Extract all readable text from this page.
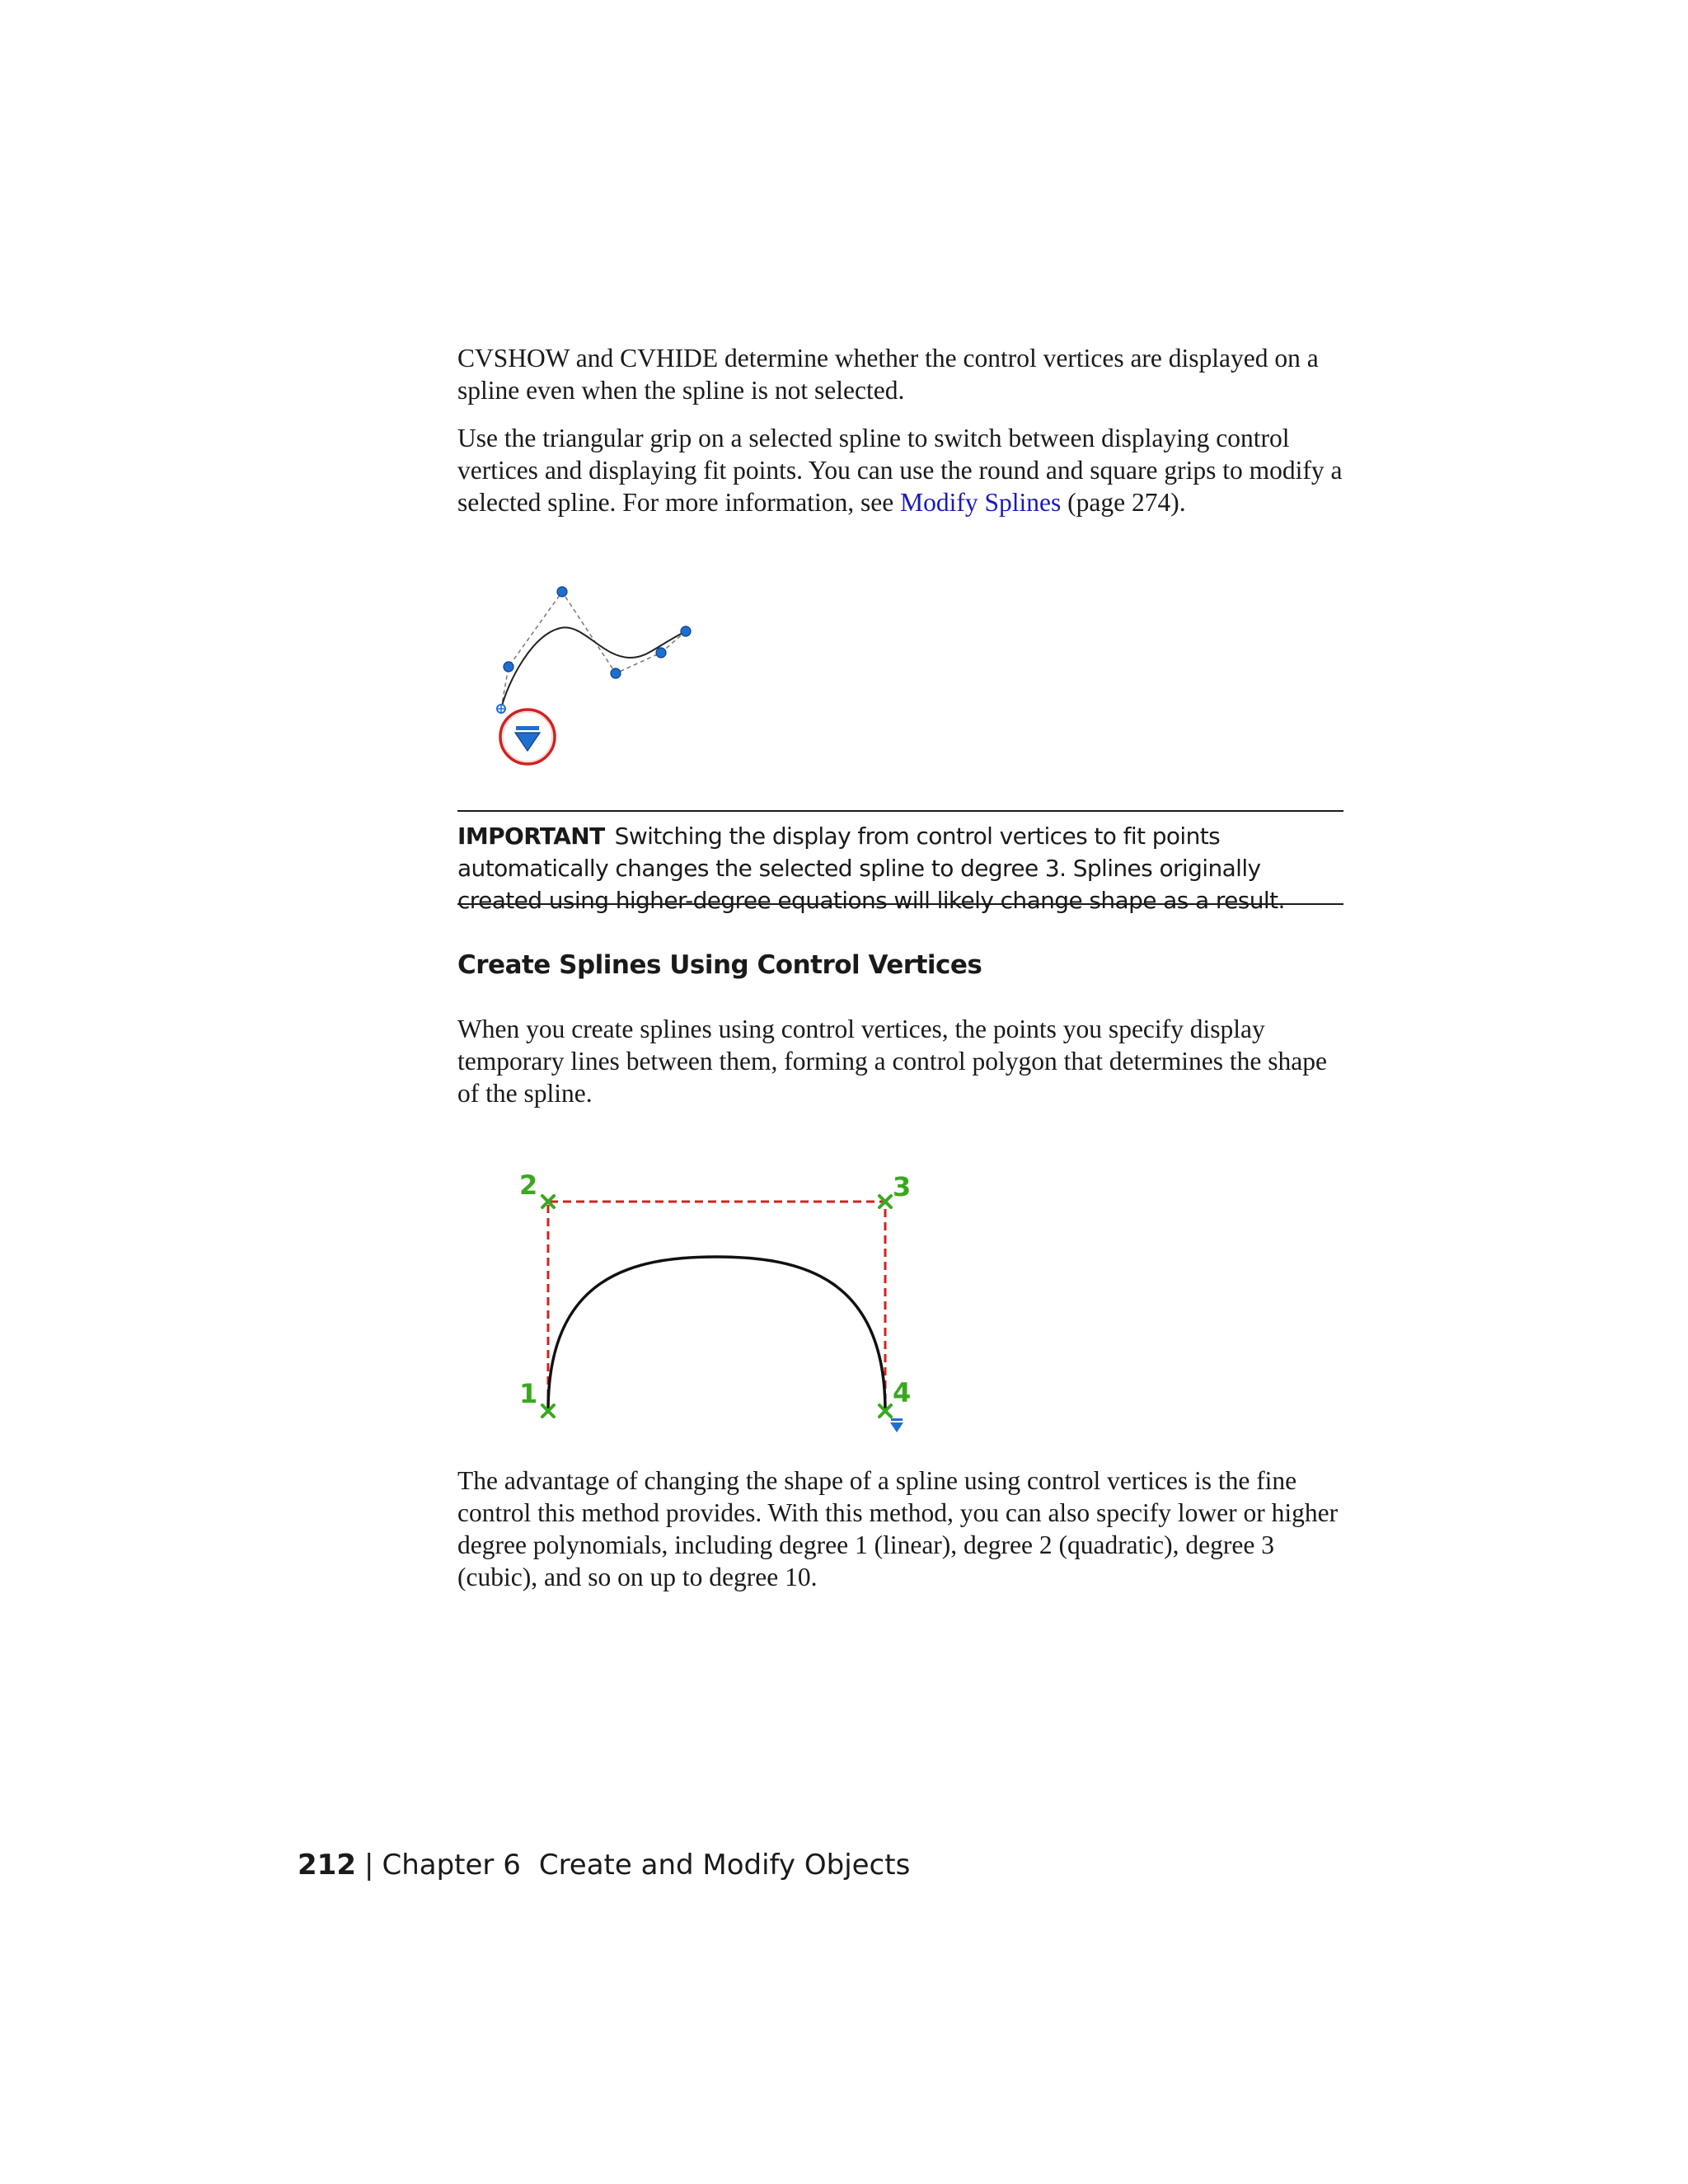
CVSHOW and CVHIDE determine whether the control vertices are displayed on a spline even when the spline is not selected.

Use the triangular grip on a selected spline to switch between displaying control vertices and displaying fit points. You can use the round and square grips to modify a selected spline. For more information, see Modify Splines (page 274).

IMPORTANT Switching the display from control vertices to fit points automatically changes the selected spline to degree 3. Splines originally created using higher-degree equations will likely change shape as a result.
Create Splines Using Control Vertices

When you create splines using control vertices, the points you specify display temporary lines between them, forming a control polygon that determines the shape of the spline.

1
2	3
4

The advantage of changing the shape of a spline using control vertices is the fine control this method provides. With this method, you can also specify lower or higher degree polynomials, including degree 1 (linear), degree 2 (quadratic), degree 3 (cubic), and so on up to degree 10.

212 | Chapter 6 Create and Modify Objects
